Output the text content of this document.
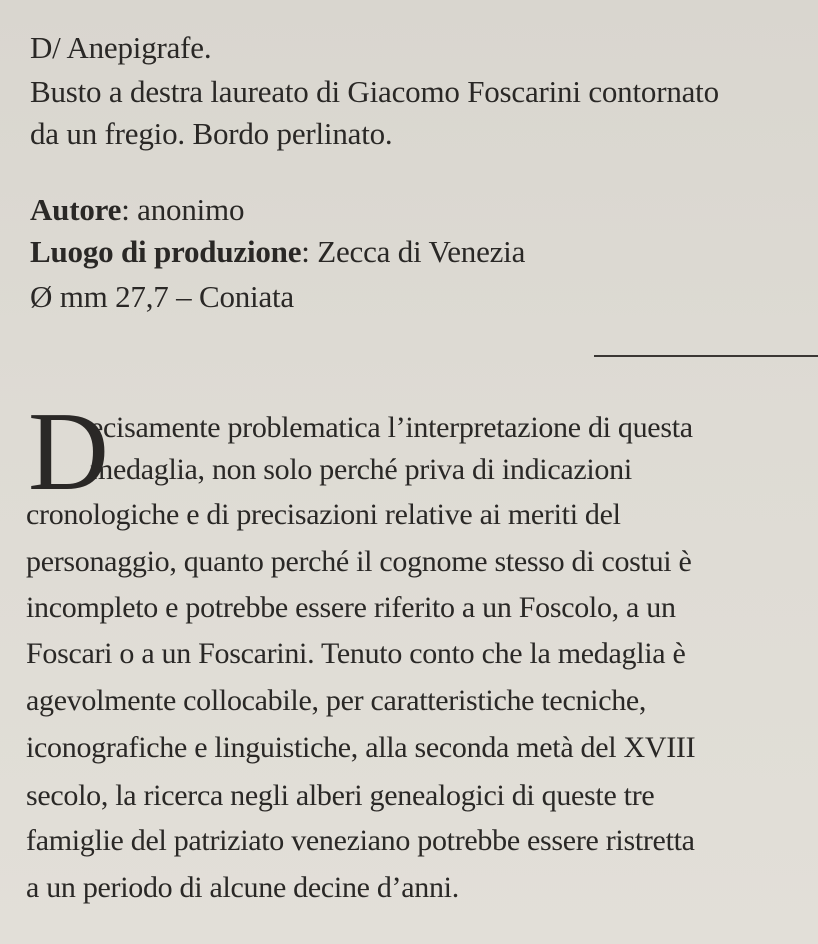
D/ Anepigrafe.
Busto a destra laureato di Giacomo Foscarini contornato
da un fregio. Bordo perlinato.
Autore: anonimo
Luogo di produzione: Zecca di Venezia
Ø mm 27,7 – Coniata
D
ecisamente problematica l’interpretazione di questa
medaglia, non solo perché priva di indicazioni
cronologiche e di precisazioni relative ai meriti del
personaggio, quanto perché il cognome stesso di costui è
incompleto e potrebbe essere riferito a un Foscolo, a un
Foscari o a un Foscarini. Tenuto conto che la medaglia è
agevolmente collocabile, per caratteristiche tecniche,
iconografiche e linguistiche, alla seconda metà del XVIII
secolo, la ricerca negli alberi genealogici di queste tre
famiglie del patriziato veneziano potrebbe essere ristretta
a un periodo di alcune decine d’anni.
